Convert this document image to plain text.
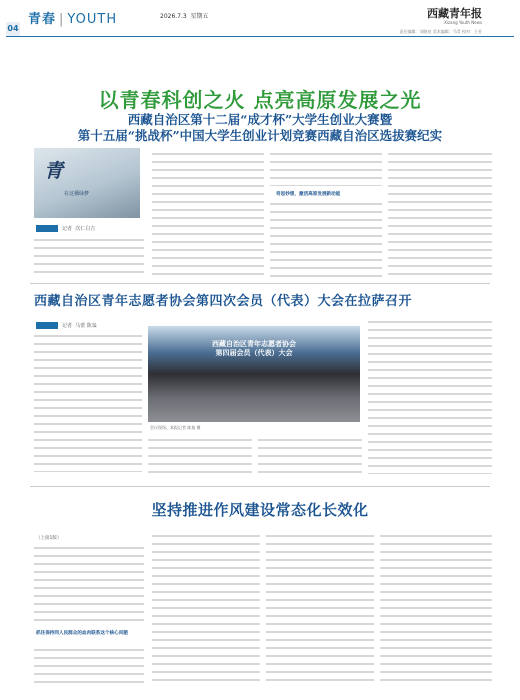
04
青春 | YOUTH	2026.7.3 星期五	西藏青年报
Xizang Youth News
责任编辑：刘晓亮 美术编辑：马青 校对：王芳
以青春科创之火 点亮高原发展之光
西藏自治区第十二届“成才杯”大学生创业大赛暨
第十五届“挑战杯”中国大学生创业计划竞赛西藏自治区选拔赛纪实
青
在这播绿梦
记者 次仁白吉
奇思妙想，激活高原发展新动能
西藏自治区青年志愿者协会第四次会员（代表）大会在拉萨召开
记者 马蕾 陈枭
西藏自治区青年志愿者协会
第四届会员（代表）大会
会议现场。本报记者 陈枭 摄
坚持推进作风建设常态化长效化
（上接1版）
抓住保持同人民群众的血肉联系这个核心问题
